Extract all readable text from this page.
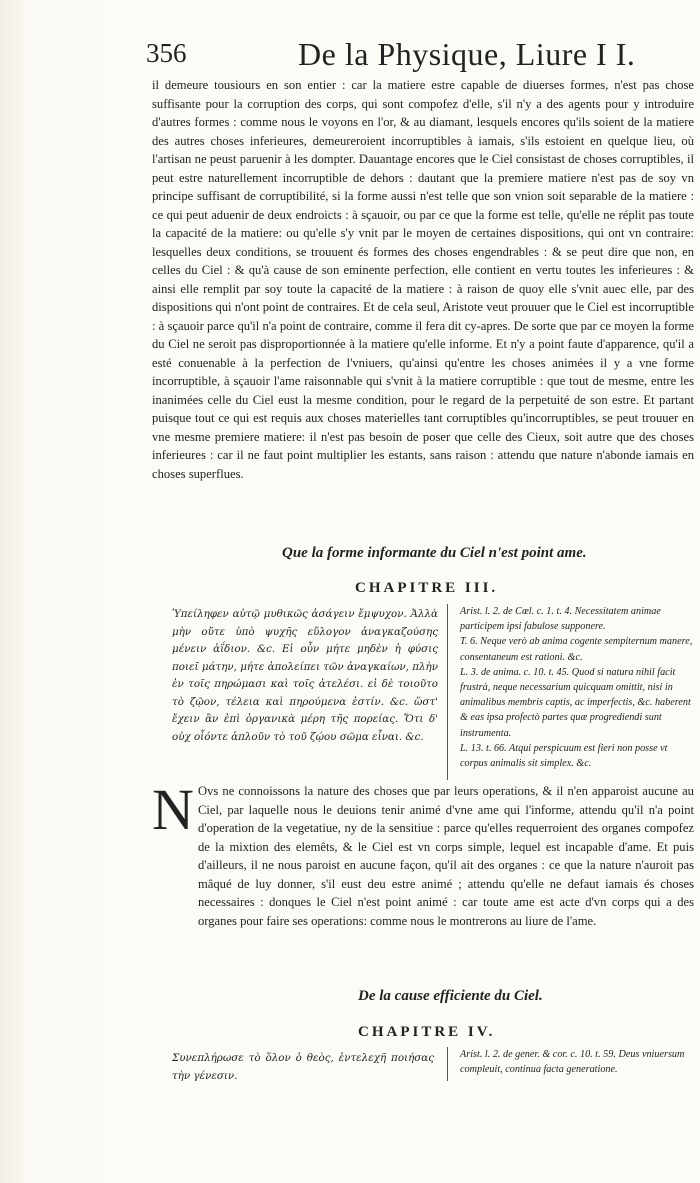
356	De la Physique, Liure I I.

il demeure tousiours en son entier : car la matiere estre capable de diuerses formes, n'est pas chose suffisante pour la corruption des corps, qui sont compofez d'elle, s'il n'y a des agents pour y introduire d'autres formes : comme nous le voyons en l'or, & au diamant, lesquels encores qu'ils soient de la matiere des autres choses inferieures, demeureroient incorruptibles à iamais, s'ils estoient en quelque lieu, où l'artisan ne peust paruenir à les dompter. Dauantage encores que le Ciel consistast de choses corruptibles, il peut estre naturellement incorruptible de dehors : dautant que la premiere matiere n'est pas de soy vn principe suffisant de corruptibilité, si la forme aussi n'est telle que son vnion soit separable de la matiere : ce qui peut aduenir de deux endroicts : à sçauoir, ou par ce que la forme est telle, qu'elle ne réplit pas toute la capacité de la matiere: ou qu'elle s'y vnit par le moyen de certaines dispositions, qui ont vn contraire: lesquelles deux conditions, se trouuent és formes des choses engendrables : & se peut dire que non, en celles du Ciel : & qu'à cause de son eminente perfection, elle contient en vertu toutes les inferieures : & ainsi elle remplit par soy toute la capacité de la matiere : à raison de quoy elle s'vnit auec elle, par des dispositions qui n'ont point de contraires. Et de cela seul, Aristote veut prouuer que le Ciel est incorruptible : à sçauoir parce qu'il n'a point de contraire, comme il fera dit cy-apres. De sorte que par ce moyen la forme du Ciel ne seroit pas disproportionnée à la matiere qu'elle informe. Et n'y a point faute d'apparence, qu'il a esté conuenable à la perfection de l'vniuers, qu'ainsi qu'entre les choses animées il y a vne forme incorruptible, à sçauoir l'ame raisonnable qui s'vnit à la matiere corruptible : que tout de mesme, entre les inanimées celle du Ciel eust la mesme condition, pour le regard de la perpetuité de son estre. Et partant puisque tout ce qui est requis aux choses materielles tant corruptibles qu'incorruptibles, se peut trouuer en vne mesme premiere matiere: il n'est pas besoin de poser que celle des Cieux, soit autre que des choses inferieures : car il ne faut point multiplier les estants, sans raison : attendu que nature n'abonde iamais en choses superflues.

Que la forme informante du Ciel n'est point ame.
CHAPITRE III.

Ὑπείληφεν αὐτῷ μυθικῶς ἀσάγειν ἔμψυχον. Ἀλλὰ μὴν οὔτε ὑπὸ ψυχῆς εὔλογον ἀναγκαζούσης μένειν ἀΐδιον. &c. Εἰ οὖν μήτε μηδὲν ἡ φύσις ποιεῖ μάτην, μήτε ἀπολείπει τῶν ἀναγκαίων, πλὴν ἐν τοῖς πηρώμασι καὶ τοῖς ἀτελέσι. εἰ δὲ τοιοῦτο τὸ ζῷον, τέλεια καὶ πηρούμενα ἐστίν. &c. ὥστ' ἔχειν ἂν ἐπὶ ὀργανικὰ μέρη τῆς πορείας. Ὅτι δ' οὐχ οἷόντε ἁπλοῦν τὸ τοῦ ζῴου σῶμα εἶναι. &c.

Arist. l. 2. de Cœl. c. 1. t. 4. Necessitatem animae participem ipsi fabulose supponere.

T. 6. Neque verò ab anima cogente sempiternum manere, consentaneum est rationi. &c.

L. 3. de anima. c. 10. t. 45. Quod si natura nihil facit frustrà, neque necessarium quicquam omittit, nisi in animalibus membris captis, ac imperfectis, &c. haberent & eas ipsa profectò partes quæ progrediendi sunt instrumenta.

L. 13. t. 66. Atqui perspicuum est fieri non posse vt corpus animalis sit simplex. &c.

N Ovs ne connoissons la nature des choses que par leurs operations, & il n'en apparoist aucune au Ciel, par laquelle nous le deuions tenir animé d'vne ame qui l'informe, attendu qu'il n'a point d'operation de la vegetatiue, ny de la sensitiue : parce qu'elles requerroient des organes compofez de la mixtion des elemêts, & le Ciel est vn corps simple, lequel est incapable d'ame. Et puis d'ailleurs, il ne nous paroist en aucune façon, qu'il ait des organes : ce que la nature n'auroit pas mâqué de luy donner, s'il eust deu estre animé ; attendu qu'elle ne defaut iamais és choses necessaires : donques le Ciel n'est point animé : car toute ame est acte d'vn corps qui a des organes pour faire ses operations: comme nous le montrerons au liure de l'ame.

De la cause efficiente du Ciel.
CHAPITRE IV.

Συνεπλήρωσε τὸ ὅλον ὁ θεὸς, ἐντελεχῆ ποιήσας τὴν γένεσιν.

Arist. l. 2. de gener. & cor. c. 10. t. 59. Deus vniuersum compleuit, continua facta generatione.
